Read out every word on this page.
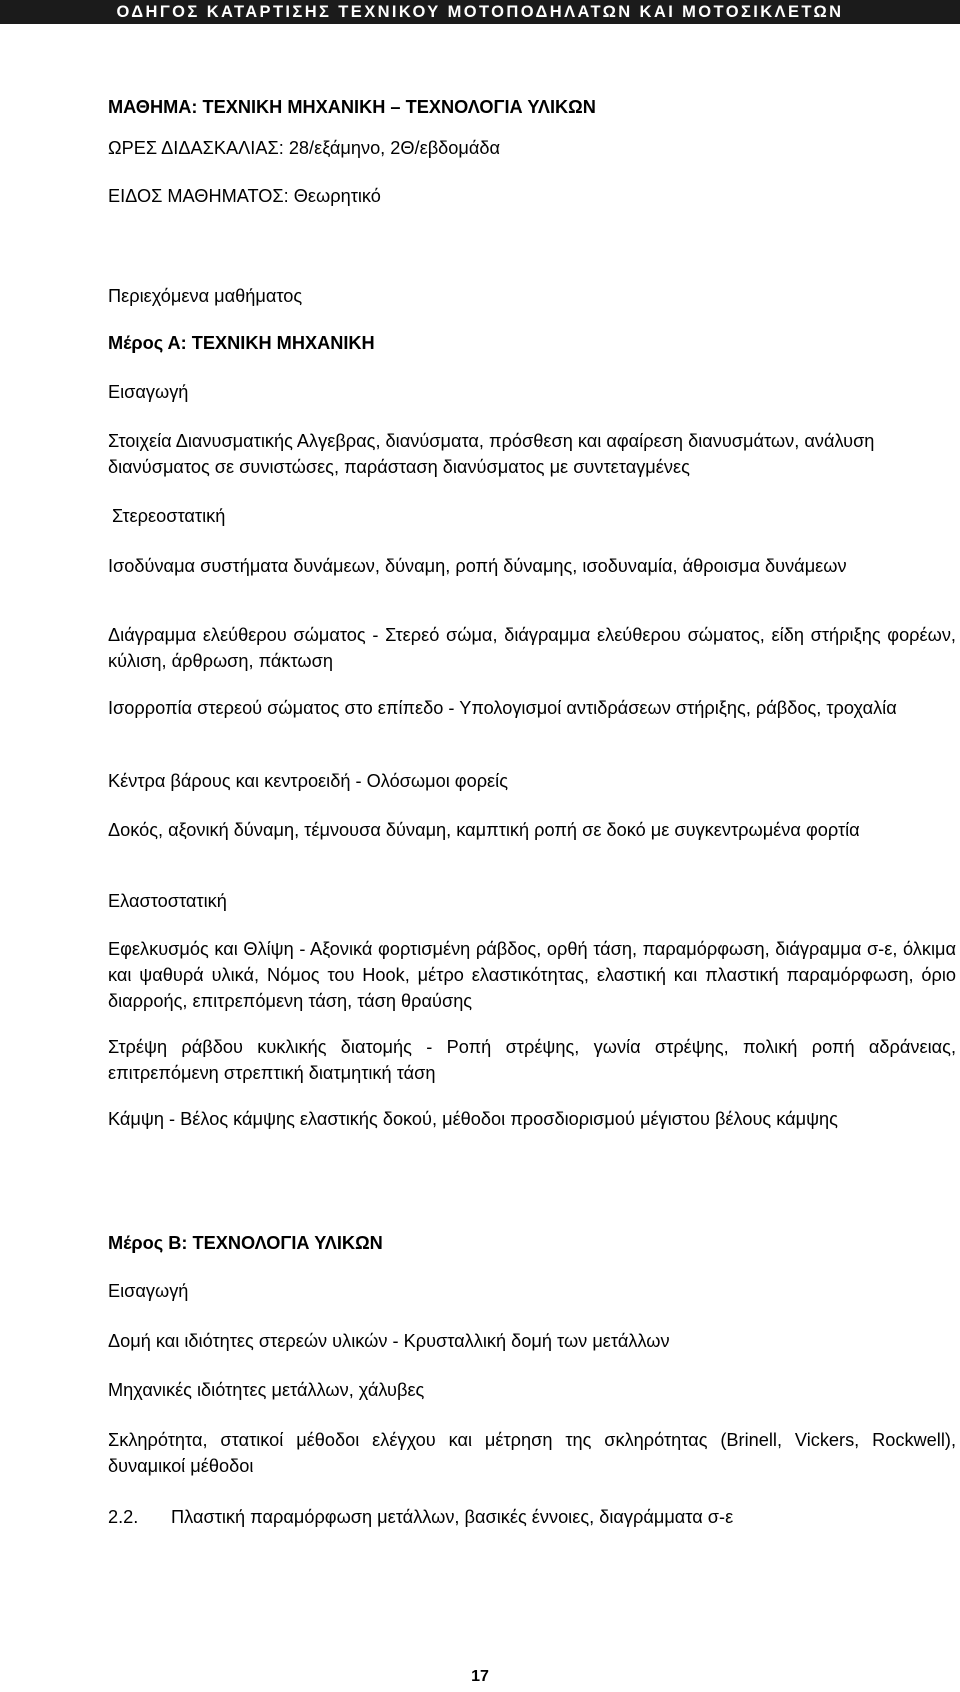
ΟΔΗΓΟΣ ΚΑΤΑΡΤΙΣΗΣ ΤΕΧΝΙΚΟΥ ΜΟΤΟΠΟΔΗΛΑΤΩΝ ΚΑΙ ΜΟΤΟΣΙΚΛΕΤΩΝ

ΜΑΘΗΜΑ: ΤΕΧΝΙΚΗ ΜΗΧΑΝΙΚΗ – ΤΕΧΝΟΛΟΓΙΑ ΥΛΙΚΩΝ

ΩΡΕΣ ΔΙΔΑΣΚΑΛΙΑΣ: 28/εξάμηνο, 2Θ/εβδομάδα

ΕΙΔΟΣ ΜΑΘΗΜΑΤΟΣ: Θεωρητικό

Περιεχόμενα μαθήματος

Μέρος Α: ΤΕΧΝΙΚΗ ΜΗΧΑΝΙΚΗ

Εισαγωγή

Στοιχεία Διανυσματικής Αλγεβρας, διανύσματα, πρόσθεση και αφαίρεση διανυσμάτων, ανάλυση διανύσματος σε συνιστώσες, παράσταση διανύσματος με συντεταγμένες

Στερεοστατική

Ισοδύναμα συστήματα δυνάμεων, δύναμη, ροπή δύναμης, ισοδυναμία, άθροισμα δυνάμεων

Διάγραμμα ελεύθερου σώματος - Στερεό σώμα, διάγραμμα ελεύθερου σώματος, είδη στήριξης φορέων, κύλιση, άρθρωση, πάκτωση

Ισορροπία στερεού σώματος στο επίπεδο - Υπολογισμοί αντιδράσεων στήριξης, ράβδος, τροχαλία

Κέντρα βάρους και κεντροειδή - Ολόσωμοι φορείς

Δοκός, αξονική δύναμη, τέμνουσα δύναμη, καμπτική ροπή σε δοκό με συγκεντρωμένα φορτία

Ελαστοστατική

Εφελκυσμός και Θλίψη - Αξονικά φορτισμένη ράβδος, ορθή τάση, παραμόρφωση, διάγραμμα σ-ε, όλκιμα και ψαθυρά υλικά, Νόμος του Hook, μέτρο ελαστικότητας, ελαστική και πλαστική παραμόρφωση, όριο διαρροής, επιτρεπόμενη τάση, τάση θραύσης

Στρέψη ράβδου κυκλικής διατομής - Ροπή στρέψης, γωνία στρέψης, πολική ροπή αδράνειας, επιτρεπόμενη στρεπτική διατμητική τάση

Κάμψη - Βέλος κάμψης ελαστικής δοκού, μέθοδοι προσδιορισμού μέγιστου βέλους κάμψης

Μέρος Β: ΤΕΧΝΟΛΟΓΙΑ ΥΛΙΚΩΝ

Εισαγωγή

Δομή και ιδιότητες στερεών υλικών - Κρυσταλλική δομή των μετάλλων

Μηχανικές ιδιότητες μετάλλων, χάλυβες

Σκληρότητα, στατικοί μέθοδοι ελέγχου και μέτρηση της σκληρότητας (Brinell, Vickers, Rockwell), δυναμικοί μέθοδοι

2.2. Πλαστική παραμόρφωση μετάλλων, βασικές έννοιες, διαγράμματα σ-ε
17
